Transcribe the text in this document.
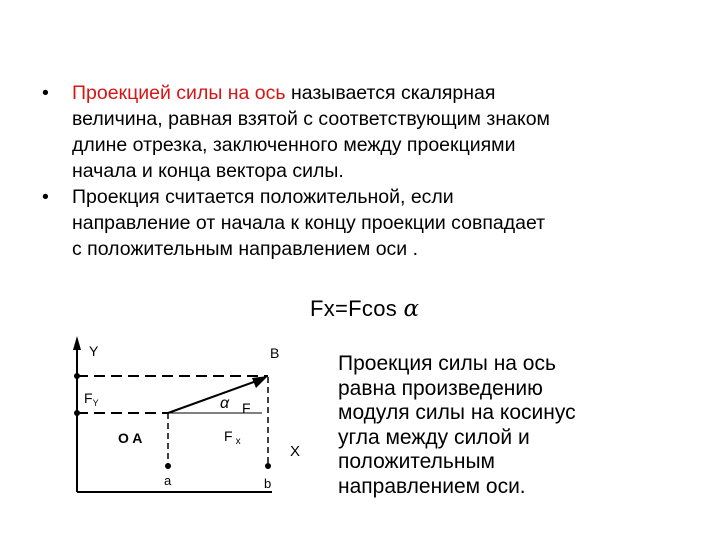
• Проекцией силы на ось называется скалярная
величина, равная взятой с соответствующим знаком
длине отрезка, заключенного между проекциями
начала и конца вектора силы.
• Проекция считается положительной, если
направление от начала к концу проекции совпадает
с положительным направлением оси .
Fx=Fcos α
Y	B
$F_Y$	α F
O A	F $_x$
X
a	b
Проекция силы на ось
равна произведению
модуля силы на косинус
угла между силой и
положительным
направлением оси.
